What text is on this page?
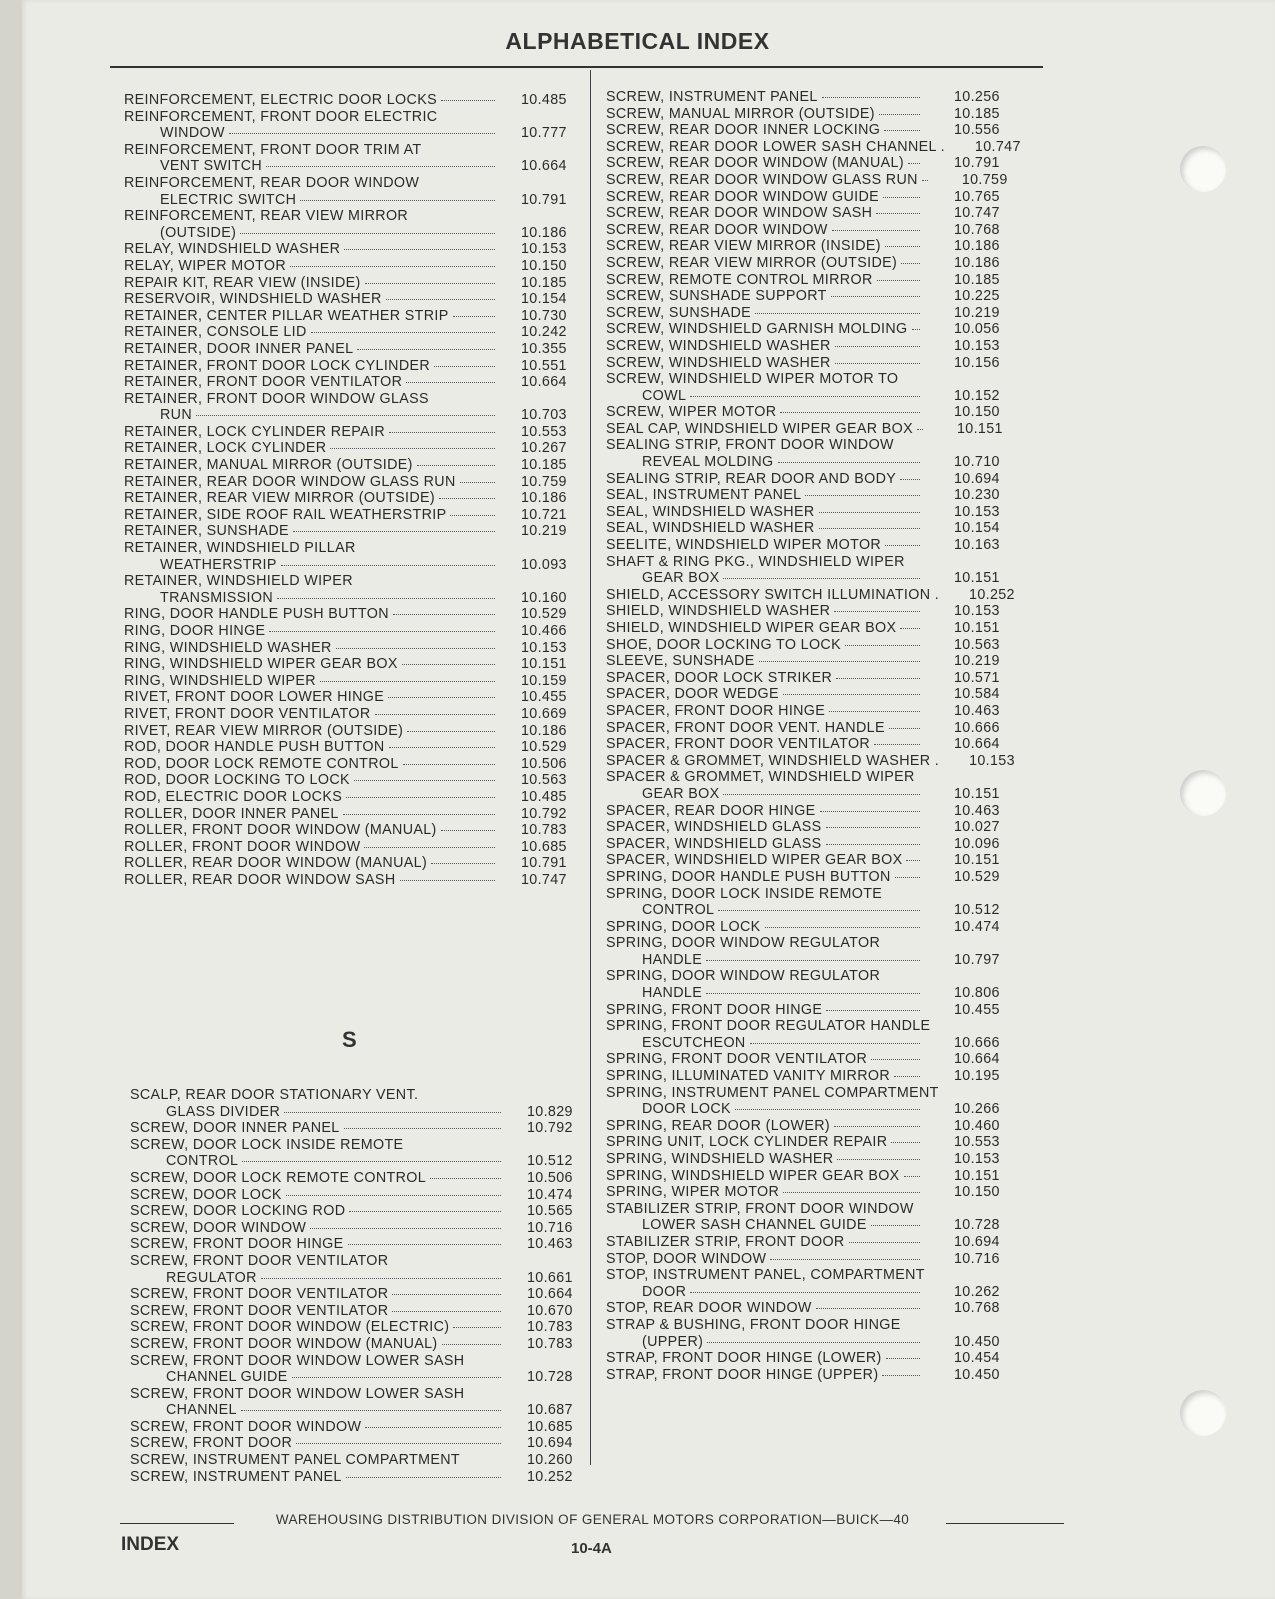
ALPHABETICAL INDEX
REINFORCEMENT, ELECTRIC DOOR LOCKS	10.485
REINFORCEMENT, FRONT DOOR ELECTRIC
WINDOW	10.777
REINFORCEMENT, FRONT DOOR TRIM AT
VENT SWITCH	10.664
REINFORCEMENT, REAR DOOR WINDOW
ELECTRIC SWITCH	10.791
REINFORCEMENT, REAR VIEW MIRROR
(OUTSIDE)	10.186
RELAY, WINDSHIELD WASHER	10.153
RELAY, WIPER MOTOR	10.150
REPAIR KIT, REAR VIEW (INSIDE)	10.185
RESERVOIR, WINDSHIELD WASHER	10.154
RETAINER, CENTER PILLAR WEATHER STRIP	10.730
RETAINER, CONSOLE LID	10.242
RETAINER, DOOR INNER PANEL	10.355
RETAINER, FRONT DOOR LOCK CYLINDER	10.551
RETAINER, FRONT DOOR VENTILATOR	10.664
RETAINER, FRONT DOOR WINDOW GLASS
RUN	10.703
RETAINER, LOCK CYLINDER REPAIR	10.553
RETAINER, LOCK CYLINDER	10.267
RETAINER, MANUAL MIRROR (OUTSIDE)	10.185
RETAINER, REAR DOOR WINDOW GLASS RUN	10.759
RETAINER, REAR VIEW MIRROR (OUTSIDE)	10.186
RETAINER, SIDE ROOF RAIL WEATHERSTRIP	10.721
RETAINER, SUNSHADE	10.219
RETAINER, WINDSHIELD PILLAR
WEATHERSTRIP	10.093
RETAINER, WINDSHIELD WIPER
TRANSMISSION	10.160
RING, DOOR HANDLE PUSH BUTTON	10.529
RING, DOOR HINGE	10.466
RING, WINDSHIELD WASHER	10.153
RING, WINDSHIELD WIPER GEAR BOX	10.151
RING, WINDSHIELD WIPER	10.159
RIVET, FRONT DOOR LOWER HINGE	10.455
RIVET, FRONT DOOR VENTILATOR	10.669
RIVET, REAR VIEW MIRROR (OUTSIDE)	10.186
ROD, DOOR HANDLE PUSH BUTTON	10.529
ROD, DOOR LOCK REMOTE CONTROL	10.506
ROD, DOOR LOCKING TO LOCK	10.563
ROD, ELECTRIC DOOR LOCKS	10.485
ROLLER, DOOR INNER PANEL	10.792
ROLLER, FRONT DOOR WINDOW (MANUAL)	10.783
ROLLER, FRONT DOOR WINDOW	10.685
ROLLER, REAR DOOR WINDOW (MANUAL)	10.791
ROLLER, REAR DOOR WINDOW SASH	10.747
S
SCALP, REAR DOOR STATIONARY VENT.
GLASS DIVIDER	10.829
SCREW, DOOR INNER PANEL	10.792
SCREW, DOOR LOCK INSIDE REMOTE
CONTROL	10.512
SCREW, DOOR LOCK REMOTE CONTROL	10.506
SCREW, DOOR LOCK	10.474
SCREW, DOOR LOCKING ROD	10.565
SCREW, DOOR WINDOW	10.716
SCREW, FRONT DOOR HINGE	10.463
SCREW, FRONT DOOR VENTILATOR
REGULATOR	10.661
SCREW, FRONT DOOR VENTILATOR	10.664
SCREW, FRONT DOOR VENTILATOR	10.670
SCREW, FRONT DOOR WINDOW (ELECTRIC)	10.783
SCREW, FRONT DOOR WINDOW (MANUAL)	10.783
SCREW, FRONT DOOR WINDOW LOWER SASH
CHANNEL GUIDE	10.728
SCREW, FRONT DOOR WINDOW LOWER SASH
CHANNEL	10.687
SCREW, FRONT DOOR WINDOW	10.685
SCREW, FRONT DOOR	10.694
SCREW, INSTRUMENT PANEL COMPARTMENT	10.260
SCREW, INSTRUMENT PANEL	10.252
SCREW, INSTRUMENT PANEL	10.256
SCREW, MANUAL MIRROR (OUTSIDE)	10.185
SCREW, REAR DOOR INNER LOCKING	10.556
SCREW, REAR DOOR LOWER SASH CHANNEL .	10.747
SCREW, REAR DOOR WINDOW (MANUAL)	10.791
SCREW, REAR DOOR WINDOW GLASS RUN	10.759
SCREW, REAR DOOR WINDOW GUIDE	10.765
SCREW, REAR DOOR WINDOW SASH	10.747
SCREW, REAR DOOR WINDOW	10.768
SCREW, REAR VIEW MIRROR (INSIDE)	10.186
SCREW, REAR VIEW MIRROR (OUTSIDE)	10.186
SCREW, REMOTE CONTROL MIRROR	10.185
SCREW, SUNSHADE SUPPORT	10.225
SCREW, SUNSHADE	10.219
SCREW, WINDSHIELD GARNISH MOLDING	10.056
SCREW, WINDSHIELD WASHER	10.153
SCREW, WINDSHIELD WASHER	10.156
SCREW, WINDSHIELD WIPER MOTOR TO
COWL	10.152
SCREW, WIPER MOTOR	10.150
SEAL CAP, WINDSHIELD WIPER GEAR BOX	10.151
SEALING STRIP, FRONT DOOR WINDOW
REVEAL MOLDING	10.710
SEALING STRIP, REAR DOOR AND BODY	10.694
SEAL, INSTRUMENT PANEL	10.230
SEAL, WINDSHIELD WASHER	10.153
SEAL, WINDSHIELD WASHER	10.154
SEELITE, WINDSHIELD WIPER MOTOR	10.163
SHAFT & RING PKG., WINDSHIELD WIPER
GEAR BOX	10.151
SHIELD, ACCESSORY SWITCH ILLUMINATION .	10.252
SHIELD, WINDSHIELD WASHER	10.153
SHIELD, WINDSHIELD WIPER GEAR BOX	10.151
SHOE, DOOR LOCKING TO LOCK	10.563
SLEEVE, SUNSHADE	10.219
SPACER, DOOR LOCK STRIKER	10.571
SPACER, DOOR WEDGE	10.584
SPACER, FRONT DOOR HINGE	10.463
SPACER, FRONT DOOR VENT. HANDLE	10.666
SPACER, FRONT DOOR VENTILATOR	10.664
SPACER & GROMMET, WINDSHIELD WASHER .	10.153
SPACER & GROMMET, WINDSHIELD WIPER
GEAR BOX	10.151
SPACER, REAR DOOR HINGE	10.463
SPACER, WINDSHIELD GLASS	10.027
SPACER, WINDSHIELD GLASS	10.096
SPACER, WINDSHIELD WIPER GEAR BOX	10.151
SPRING, DOOR HANDLE PUSH BUTTON	10.529
SPRING, DOOR LOCK INSIDE REMOTE
CONTROL	10.512
SPRING, DOOR LOCK	10.474
SPRING, DOOR WINDOW REGULATOR
HANDLE	10.797
SPRING, DOOR WINDOW REGULATOR
HANDLE	10.806
SPRING, FRONT DOOR HINGE	10.455
SPRING, FRONT DOOR REGULATOR HANDLE
ESCUTCHEON	10.666
SPRING, FRONT DOOR VENTILATOR	10.664
SPRING, ILLUMINATED VANITY MIRROR	10.195
SPRING, INSTRUMENT PANEL COMPARTMENT
DOOR LOCK	10.266
SPRING, REAR DOOR (LOWER)	10.460
SPRING UNIT, LOCK CYLINDER REPAIR	10.553
SPRING, WINDSHIELD WASHER	10.153
SPRING, WINDSHIELD WIPER GEAR BOX	10.151
SPRING, WIPER MOTOR	10.150
STABILIZER STRIP, FRONT DOOR WINDOW
LOWER SASH CHANNEL GUIDE	10.728
STABILIZER STRIP, FRONT DOOR	10.694
STOP, DOOR WINDOW	10.716
STOP, INSTRUMENT PANEL, COMPARTMENT
DOOR	10.262
STOP, REAR DOOR WINDOW	10.768
STRAP & BUSHING, FRONT DOOR HINGE
(UPPER)	10.450
STRAP, FRONT DOOR HINGE (LOWER)	10.454
STRAP, FRONT DOOR HINGE (UPPER)	10.450
WAREHOUSING DISTRIBUTION DIVISION OF GENERAL MOTORS CORPORATION—BUICK—40
INDEX	10-4A
